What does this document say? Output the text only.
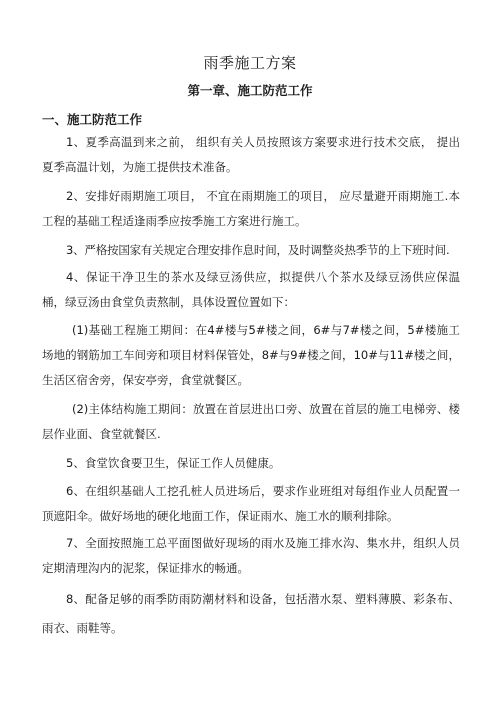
雨季施工方案
第一章、施工防范工作
一、施工防范工作

1、夏季高温到来之前， 组织有关人员按照该方案要求进行技术交底， 提出夏季高温计划，为施工提供技术准备。

2、安排好雨期施工项目， 不宜在雨期施工的项目， 应尽量避开雨期施工.本工程的基础工程适逢雨季应按季施工方案进行施工。

3、严格按国家有关规定合理安排作息时间，及时调整炎热季节的上下班时间.

4、保证干净卫生的茶水及绿豆汤供应，拟提供八个茶水及绿豆汤供应保温桶，绿豆汤由食堂负责熬制，具体设置位置如下：

(1)基础工程施工期间：在4#楼与5#楼之间，6#与7#楼之间，5#楼施工场地的钢筋加工车间旁和项目材料保管处，8#与9#楼之间，10#与11#楼之间，生活区宿舍旁，保安亭旁，食堂就餐区。

(2)主体结构施工期间：放置在首层进出口旁、放置在首层的施工电梯旁、楼层作业面、食堂就餐区.

5、食堂饮食要卫生，保证工作人员健康。

6、在组织基础人工挖孔桩人员进场后，要求作业班组对每组作业人员配置一顶遮阳伞。做好场地的硬化地面工作，保证雨水、施工水的顺利排除。

7、全面按照施工总平面图做好现场的雨水及施工排水沟、集水井，组织人员定期清理沟内的泥浆，保证排水的畅通。

8、配备足够的雨季防雨防潮材料和设备，包括潜水泵、塑料薄膜、彩条布、雨衣、雨鞋等。
